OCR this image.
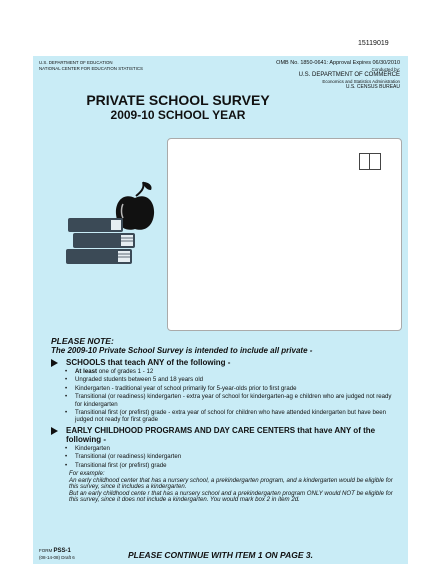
15119019
U.S. DEPARTMENT OF EDUCATION
NATIONAL CENTER FOR EDUCATION STATISTICS
OMB No. 1850-0641: Approval Expires 06/30/2010
Conducted by:
U.S. DEPARTMENT OF COMMERCE
Economics and Statistics Administration
U.S. CENSUS BUREAU
PRIVATE SCHOOL SURVEY
2009-10 SCHOOL YEAR
PLEASE NOTE:
The 2009-10 Private School Survey is intended to include all private -
SCHOOLS that teach ANY of the following -
• At least one of grades 1 - 12
• Ungraded students between 5 and 18 years old
• Kindergarten - traditional year of school primarily for 5-year-olds prior to first grade
• Transitional (or readiness) kindergarten - extra year of school for kindergarten-ag e children who are judged not ready for kindergarten
• Transitional first (or prefirst) grade - extra year of school for children who have attended kindergarten but have been judged not ready for first grade
EARLY CHILDHOOD PROGRAMS AND DAY CARE CENTERS that have ANY of the following -
• Kindergarten
• Transitional (or readiness) kindergarten
• Transitional first (or prefirst) grade
For example:
An early childhood center that has a nursery school, a prekindergarten program, and a kindergarten would be eligible for this survey, since it includes a kindergarten.
But an early childhood cente r that has a nursery school and a prekindergarten program ONLY would NOT be eligible for this survey, since it does not include a kindergarten. You would mark box 2 in item 2d.
FORM PSS-1
(08-14-08) Draft 6	PLEASE CONTINUE WITH ITEM 1 ON PAGE 3.
